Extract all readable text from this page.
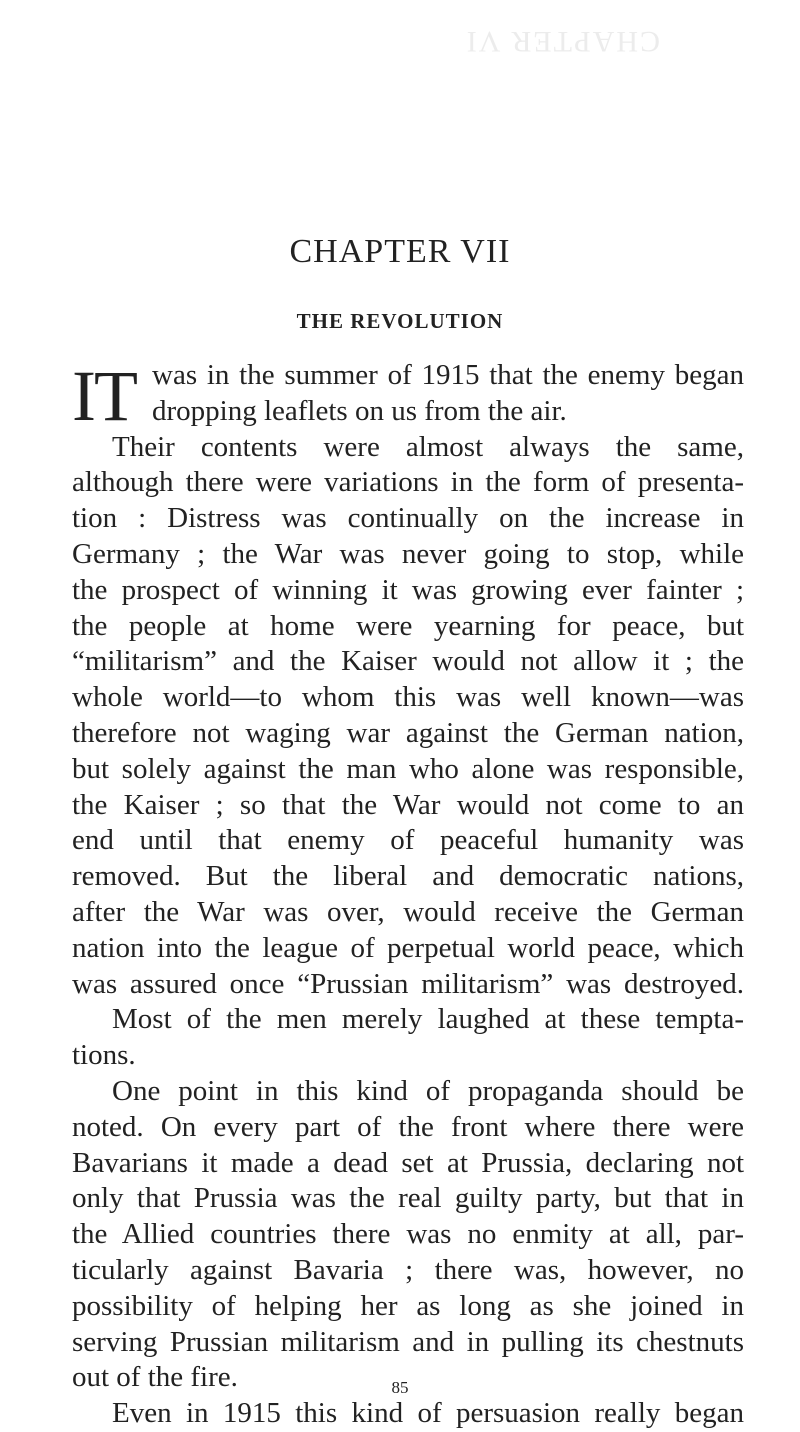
CHAPTER VI
CHAPTER VII
THE REVOLUTION
IT was in the summer of 1915 that the enemy began
dropping leaflets on us from the air.
Their contents were almost always the same,
although there were variations in the form of presenta-
tion : Distress was continually on the increase in
Germany ; the War was never going to stop, while
the prospect of winning it was growing ever fainter ;
the people at home were yearning for peace, but
“militarism” and the Kaiser would not allow it ; the
whole world—to whom this was well known—was
therefore not waging war against the German nation,
but solely against the man who alone was responsible,
the Kaiser ; so that the War would not come to an
end until that enemy of peaceful humanity was
removed. But the liberal and democratic nations,
after the War was over, would receive the German
nation into the league of perpetual world peace, which
was assured once “Prussian militarism” was destroyed.
Most of the men merely laughed at these tempta-
tions.
One point in this kind of propaganda should be
noted. On every part of the front where there were
Bavarians it made a dead set at Prussia, declaring not
only that Prussia was the real guilty party, but that in
the Allied countries there was no enmity at all, par-
ticularly against Bavaria ; there was, however, no
possibility of helping her as long as she joined in
serving Prussian militarism and in pulling its chestnuts
out of the fire.
Even in 1915 this kind of persuasion really began
85
